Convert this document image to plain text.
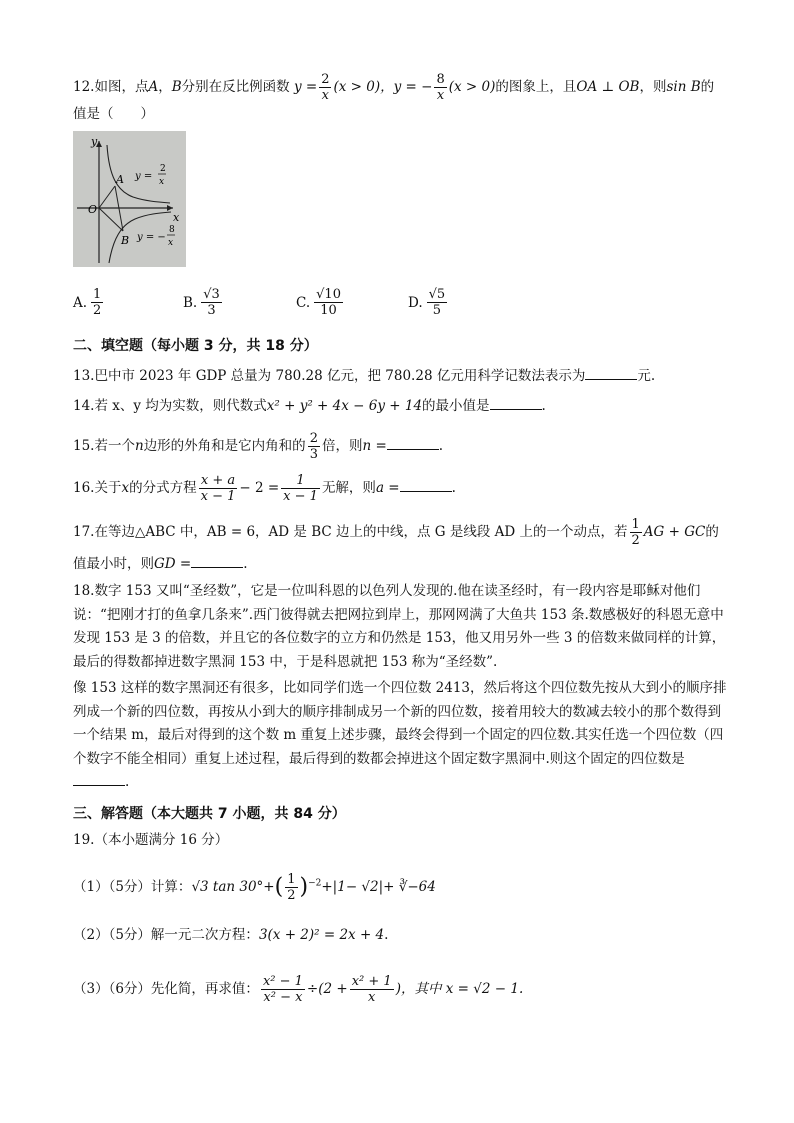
12.如图，点A，B分别在反比例函数 $y = \frac{2}{x} (x > 0)$，y = − $\frac{8}{x} (x > 0)$的图象上，且OA ⊥ OB，则sin B的
值是（　　）
y
x
O
A
B
y =
2
x
y = −
8
x
A. $\frac{1}{2}$	B. $\frac{√3}{3}$	C. $\frac{√10}{10}$	D. $\frac{√5}{5}$
二、填空题（每小题 3 分，共 18 分）
13.巴中市 2023 年 GDP 总量为 780.28 亿元，把 780.28 亿元用科学记数法表示为	元.
14.若 x、y 均为实数，则代数式x² + y² + 4x − 6y + 14的最小值是	.
15.若一个n边形的外角和是它内角和的 $\frac{2}{3}$ 倍，则n =	.
16.关于x的分式方程 $\frac{x + a}{x - 1} - 2 = \frac{1}{x - 1}$ 无解，则a =	.
17.在等边△ABC 中，AB = 6，AD 是 BC 边上的中线，点 G 是线段 AD 上的一个动点，若 $\frac{1}{2}$ AG + GC的
值最小时，则GD =	.
18.数字 153 又叫“圣经数”，它是一位叫科恩的以色列人发现的.他在读圣经时，有一段内容是耶稣对他们说：“把刚才打的鱼拿几条来”.西门彼得就去把网拉到岸上，那网网满了大鱼共 153 条.数感极好的科恩无意中发现 153 是 3 的倍数，并且它的各位数字的立方和仍然是 153，他又用另外一些 3 的倍数来做同样的计算，最后的得数都掉进数字黑洞 153 中，于是科恩就把 153 称为“圣经数”.
像 153 这样的数字黑洞还有很多，比如同学们选一个四位数 2413，然后将这个四位数先按从大到小的顺序排列成一个新的四位数，再按从小到大的顺序排制成另一个新的四位数，接着用较大的数减去较小的那个数得到一个结果 m，最后对得到的这个数 m 重复上述步骤，最终会得到一个固定的四位数.其实任选一个四位数（四个数字不能全相同）重复上述过程，最后得到的数都会掉进这个固定数字黑洞中.则这个固定的四位数是.
三、解答题（本大题共 7 小题，共 84 分）
19.（本小题满分 16 分）
（1）（5分）计算：√3 $\tan 30^\circ+( \frac{1}{2} )^{-2}+|1- √2|+$ ∛−64
（2）（5分）解一元二次方程：3(x + 2)² = 2x + 4.
（3）（6分）先化简，再求值： $\frac{\text{x² − 1}}{\text{x² − x}} \div(2 + \frac{\text{x² + 1}}{x}$ )，其中 x = √2 − 1.
